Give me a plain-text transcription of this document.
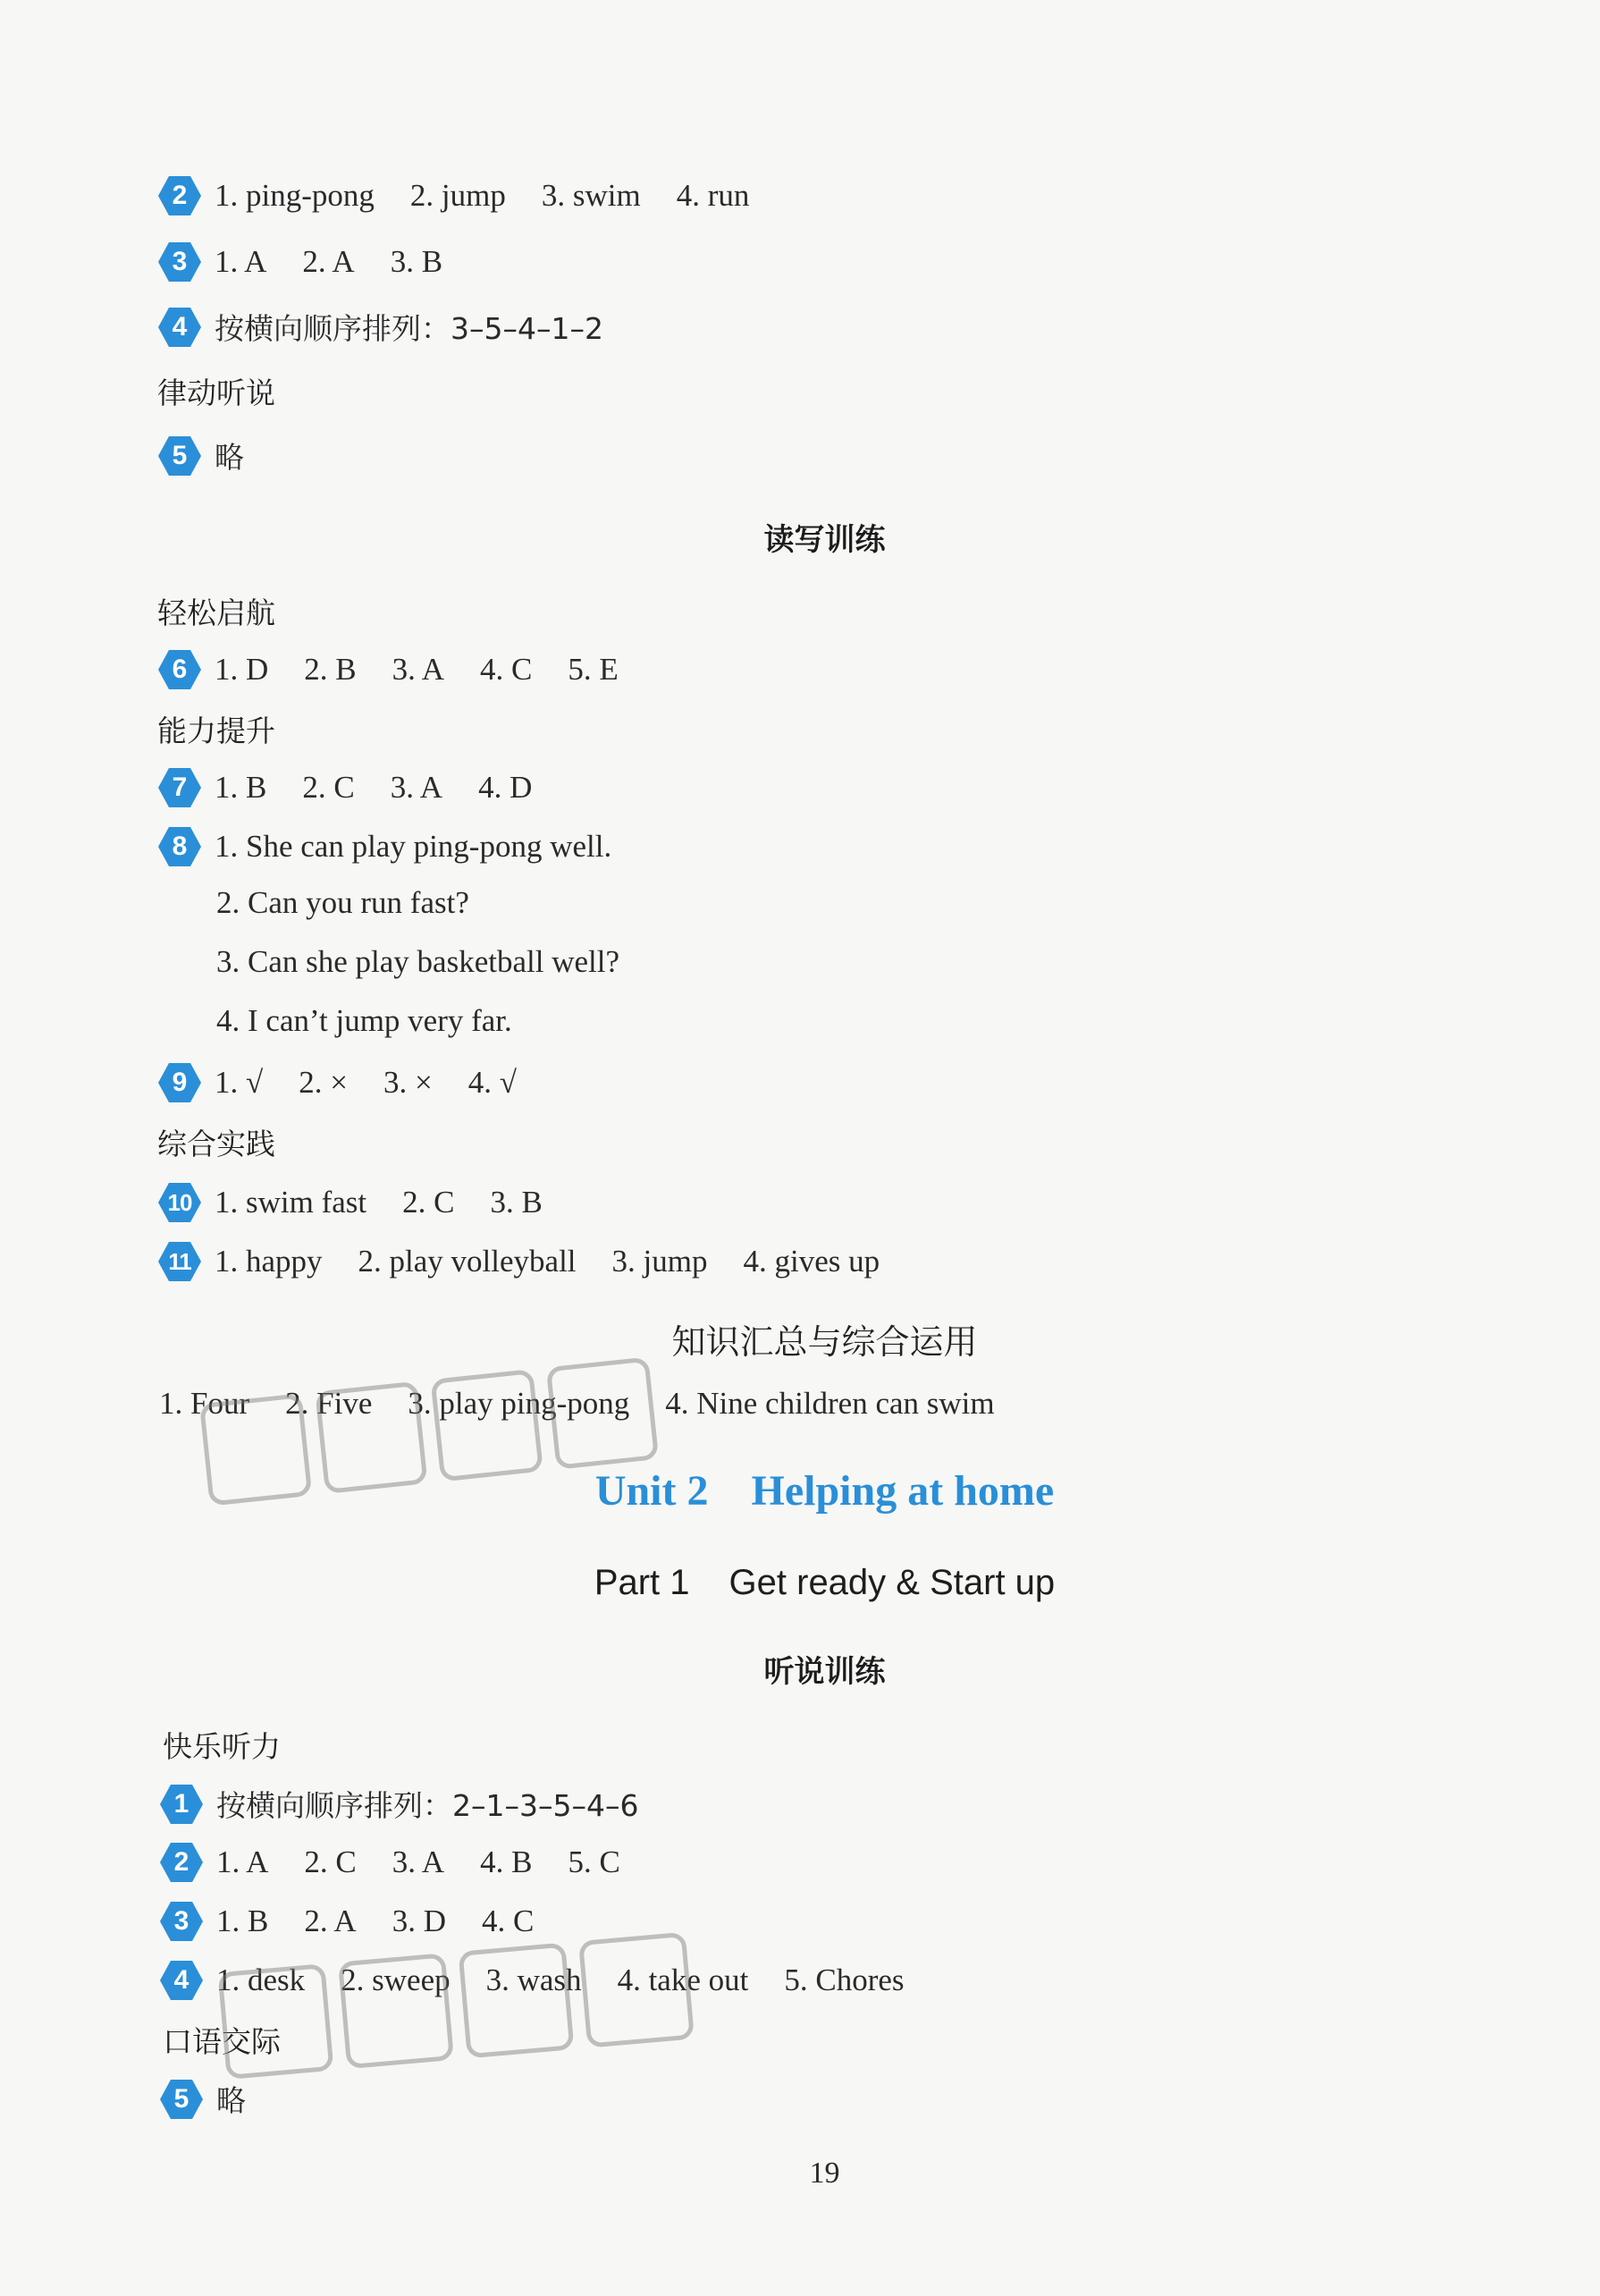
2 1. ping-pong 2. jump 3. swim 4. run
3 1. A 2. A 3. B
4 按横向顺序排列：3–5–4–1–2
律动听说
5 略
读写训练
轻松启航
6 1. D 2. B 3. A 4. C 5. E
能力提升
7 1. B 2. C 3. A 4. D
8 1. She can play ping-pong well.
2. Can you run fast?
3. Can she play basketball well?
4. I can’t jump very far.
9 1. √ 2. × 3. × 4. √
综合实践
10 1. swim fast 2. C 3. B
11 1. happy 2. play volleyball 3. jump 4. gives up
知识汇总与综合运用
1. Four 2. Five 3. play ping-pong 4. Nine children can swim
Unit 2 Helping at home
Part 1 Get ready & Start up
听说训练
快乐听力
1 按横向顺序排列：2–1–3–5–4–6
2 1. A 2. C 3. A 4. B 5. C
3 1. B 2. A 3. D 4. C
4 1. desk 2. sweep 3. wash 4. take out 5. Chores
口语交际
5 略
19
